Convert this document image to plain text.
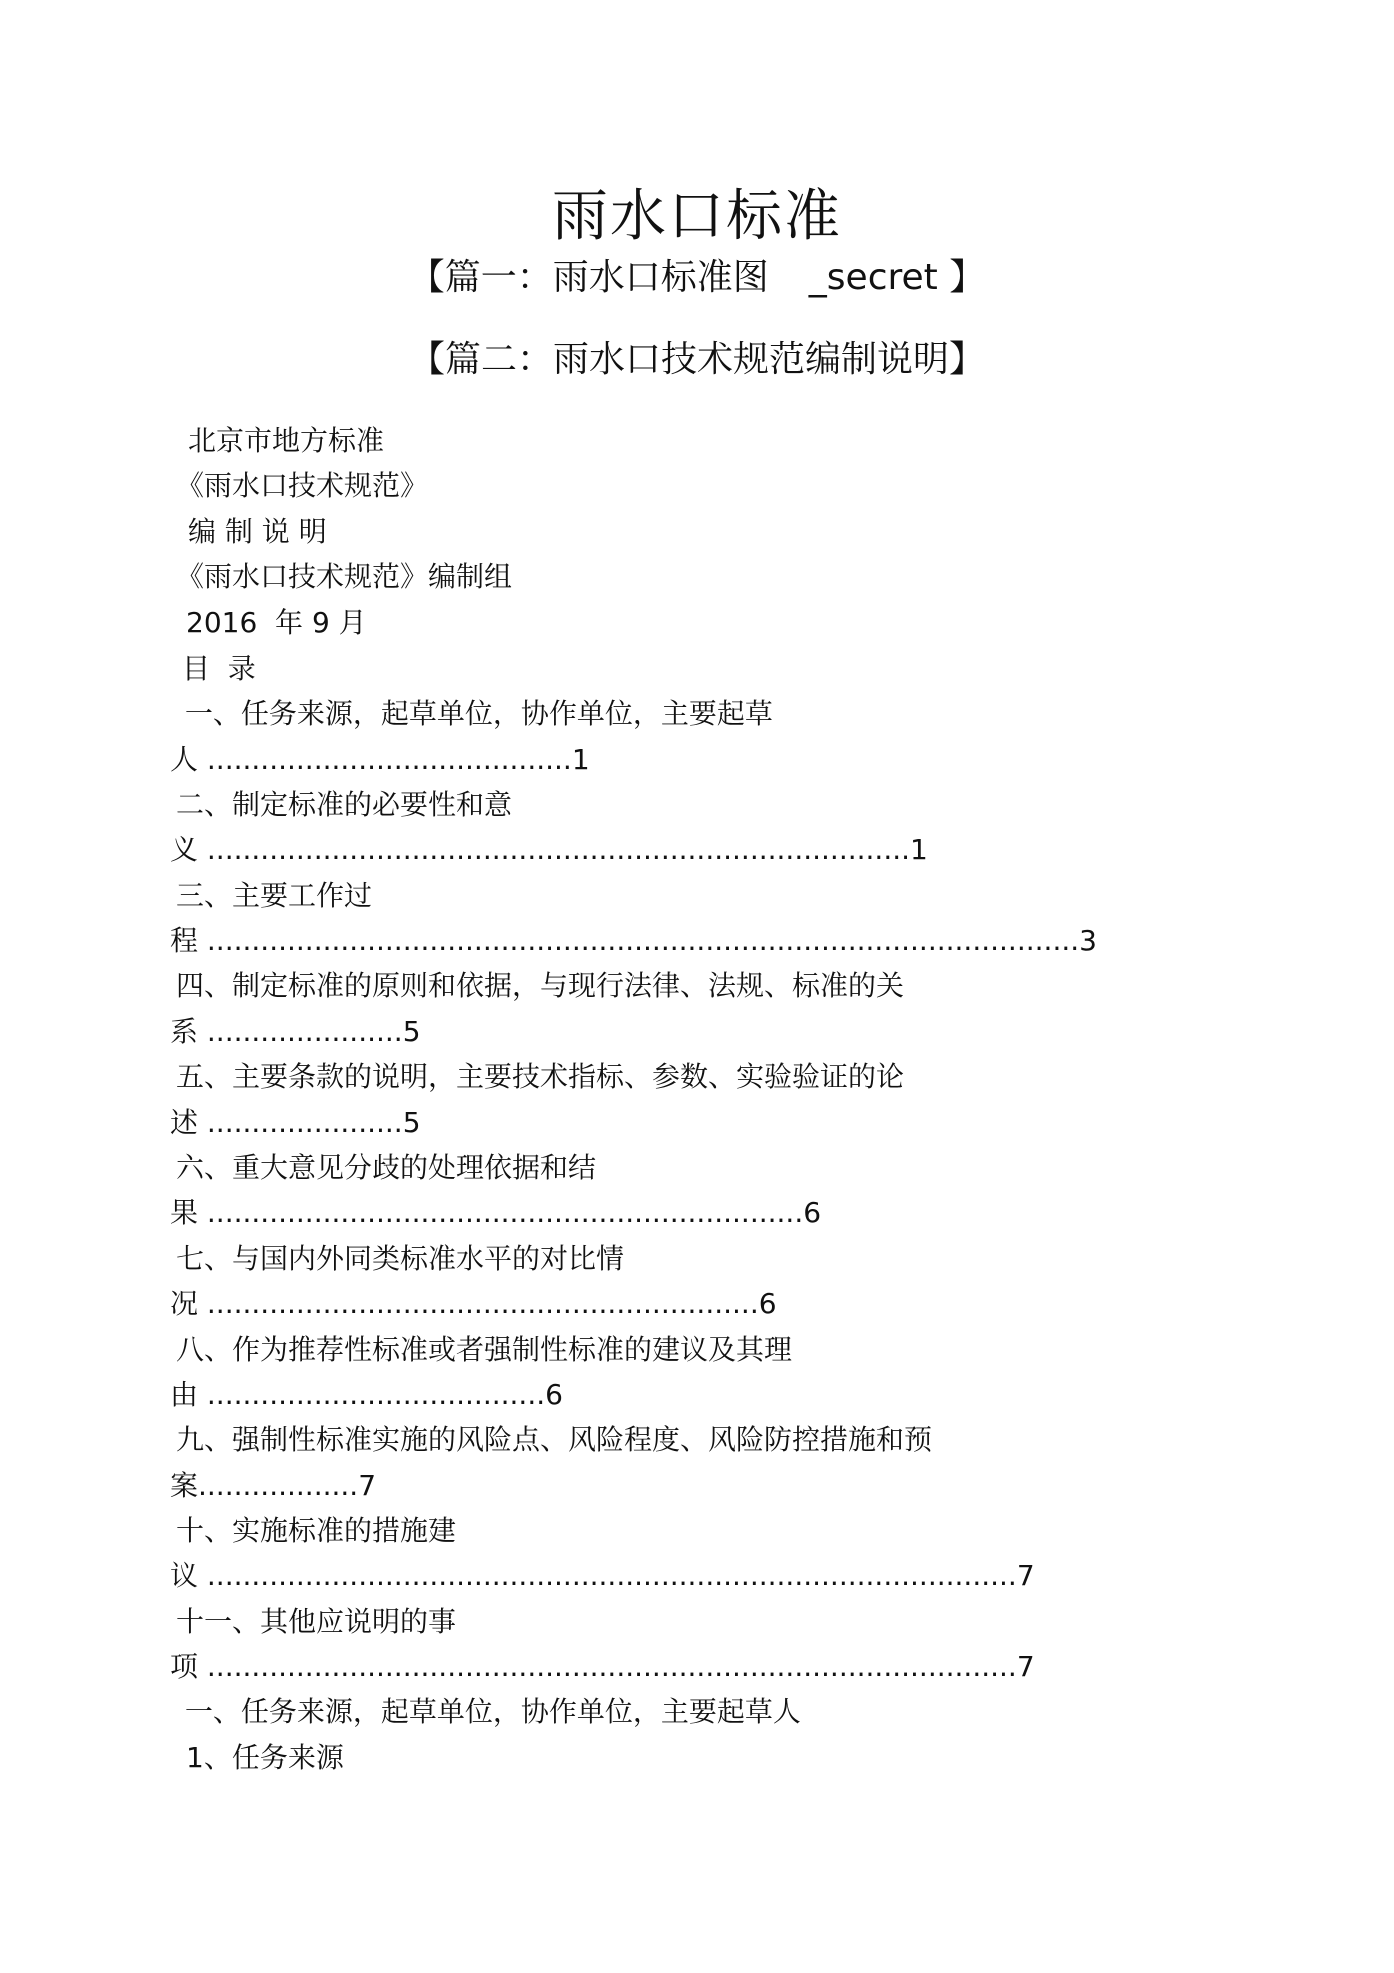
雨水口标准
【篇一：雨水口标准图 _secret 】
【篇二：雨水口技术规范编制说明】
北京市地方标准
《雨水口技术规范》
编 制 说 明
《雨水口技术规范》编制组
2016  年 9 月
目  录
一、任务来源，起草单位，协作单位，主要起草
人 .........................................1
二、制定标准的必要性和意
义 ...............................................................................1
三、主要工作过
程 ..................................................................................................3
四、制定标准的原则和依据，与现行法律、法规、标准的关
系 ......................5
五、主要条款的说明，主要技术指标、参数、实验验证的论
述 ......................5
六、重大意见分歧的处理依据和结
果 ...................................................................6
七、与国内外同类标准水平的对比情
况 ..............................................................6
八、作为推荐性标准或者强制性标准的建议及其理
由 ......................................6
九、强制性标准实施的风险点、风险程度、风险防控措施和预
案..................7
十、实施标准的措施建
议 ...........................................................................................7
十一、其他应说明的事
项 ...........................................................................................7
一、任务来源，起草单位，协作单位，主要起草人
1、任务来源
